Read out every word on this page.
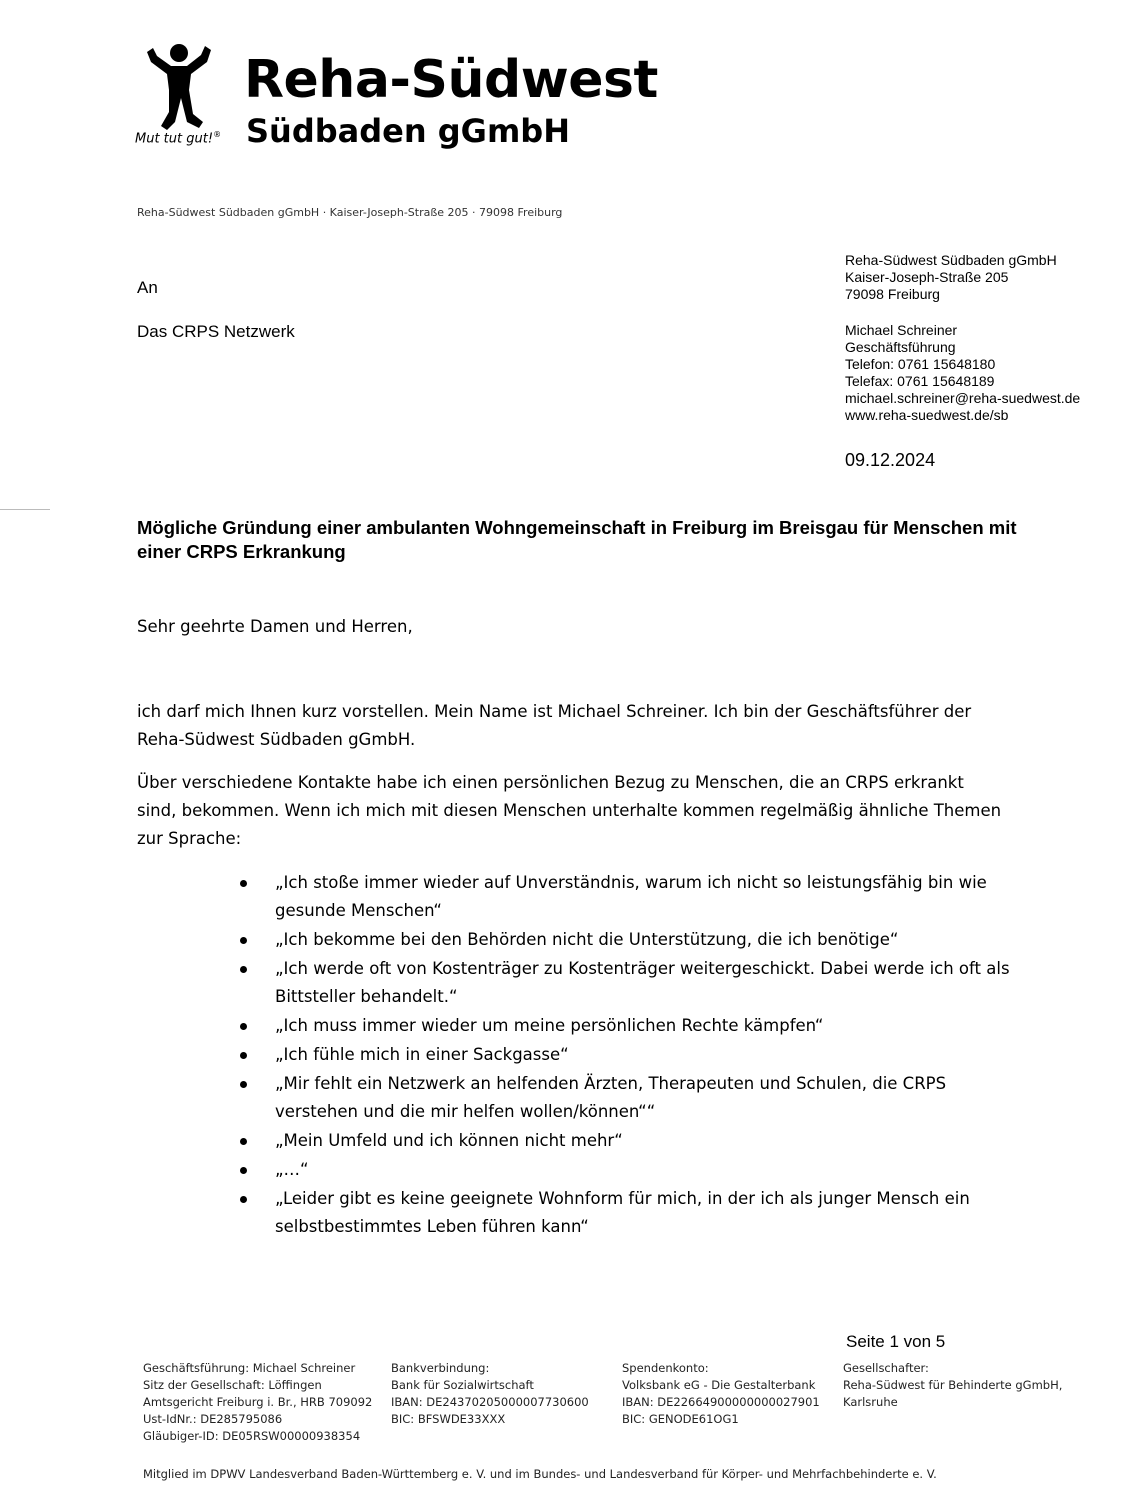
Mut tut gut!®
Reha-Südwest
Südbaden gGmbH
Reha-Südwest Südbaden gGmbH · Kaiser-Joseph-Straße 205 · 79098 Freiburg
Reha-Südwest Südbaden gGmbH
Kaiser-Joseph-Straße 205
79098 Freiburg
Michael Schreiner
Geschäftsführung
Telefon: 0761 15648180
Telefax: 0761 15648189
michael.schreiner@reha-suedwest.de
www.reha-suedwest.de/sb
09.12.2024
An
Das CRPS Netzwerk
Mögliche Gründung einer ambulanten Wohngemeinschaft in Freiburg im Breisgau für Menschen mit einer CRPS Erkrankung
Sehr geehrte Damen und Herren,
ich darf mich Ihnen kurz vorstellen. Mein Name ist Michael Schreiner. Ich bin der Geschäftsführer der Reha-Südwest Südbaden gGmbH.
Über verschiedene Kontakte habe ich einen persönlichen Bezug zu Menschen, die an CRPS erkrankt sind, bekommen. Wenn ich mich mit diesen Menschen unterhalte kommen regelmäßig ähnliche Themen zur Sprache:
„Ich stoße immer wieder auf Unverständnis, warum ich nicht so leistungsfähig bin wie gesunde Menschen“
„Ich bekomme bei den Behörden nicht die Unterstützung, die ich benötige“
„Ich werde oft von Kostenträger zu Kostenträger weitergeschickt. Dabei werde ich oft als Bittsteller behandelt.“
„Ich muss immer wieder um meine persönlichen Rechte kämpfen“
„Ich fühle mich in einer Sackgasse“
„Mir fehlt ein Netzwerk an helfenden Ärzten, Therapeuten und Schulen, die CRPS verstehen und die mir helfen wollen/können““
„Mein Umfeld und ich können nicht mehr“
„…“
„Leider gibt es keine geeignete Wohnform für mich, in der ich als junger Mensch ein selbstbestimmtes Leben führen kann“
Seite 1 von 5
Geschäftsführung: Michael Schreiner
Sitz der Gesellschaft: Löffingen
Amtsgericht Freiburg i. Br., HRB 709092
Ust-IdNr.: DE285795086
Gläubiger-ID: DE05RSW00000938354
Bankverbindung:
Bank für Sozialwirtschaft
IBAN: DE24370205000007730600
BIC: BFSWDE33XXX
Spendenkonto:
Volksbank eG - Die Gestalterbank
IBAN: DE22664900000000027901
BIC: GENODE61OG1
Gesellschafter:
Reha-Südwest für Behinderte gGmbH,
Karlsruhe
Mitglied im DPWV Landesverband Baden-Württemberg e. V. und im Bundes- und Landesverband für Körper- und Mehrfachbehinderte e. V.
